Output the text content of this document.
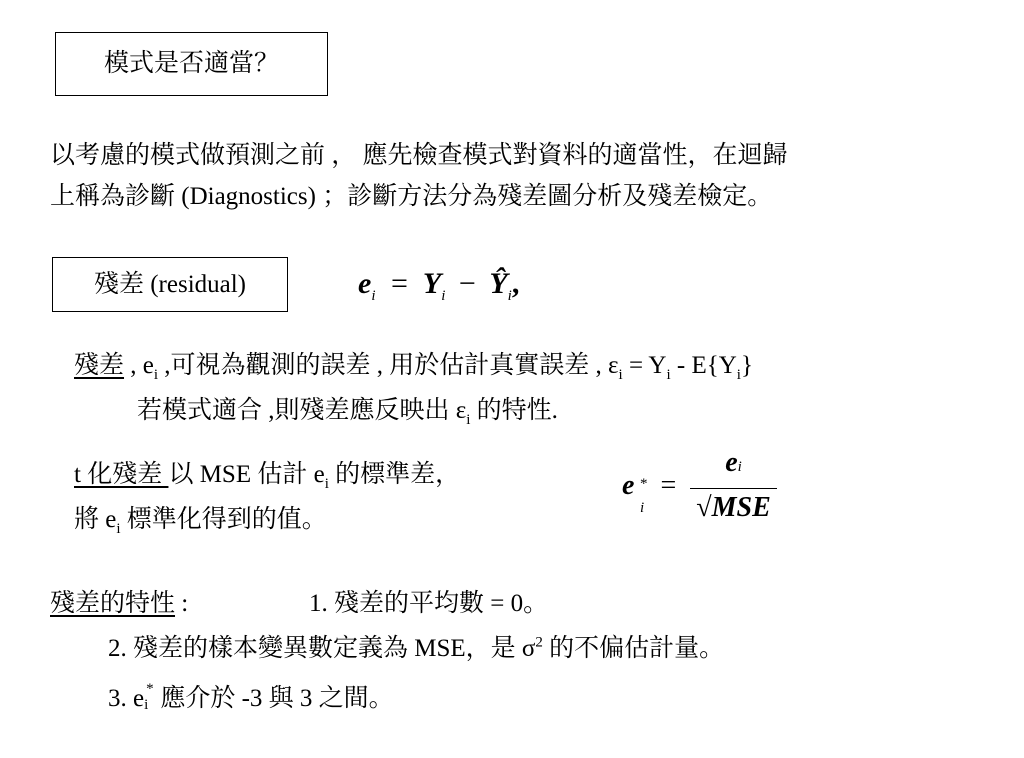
模式是否適當？
以考慮的模式做預測之前 ， 應先檢查模式對資料的適當性，在迴歸
上稱為診斷 (Diagnostics) ；診斷方法分為殘差圖分析及殘差檢定。
殘差 (residual)	$e_i = Y_i$ − $Ŷ_i$,
殘差 , $e_i$ ,可視為觀測的誤差 , 用於估計真實誤差 , $\varepsilon_i = Y_i - E\{Y_i\}$
若模式適合 ,則殘差應反映出 $\varepsilon_i$ 的特性.
t 化殘差 以 MSE 估計 $e_i$ 的標準差，
將 $e_i$ 標準化得到的值。
e
i
* = $\frac{ei}{\text{√MSE}}$
殘差的特性 :	1. 殘差的平均數 = 0。
2. 殘差的樣本變異數定義為 MSE，是 $\sigma^2$ 的不偏估計量。
3. e i
* 應介於 -3 與 3 之間。
